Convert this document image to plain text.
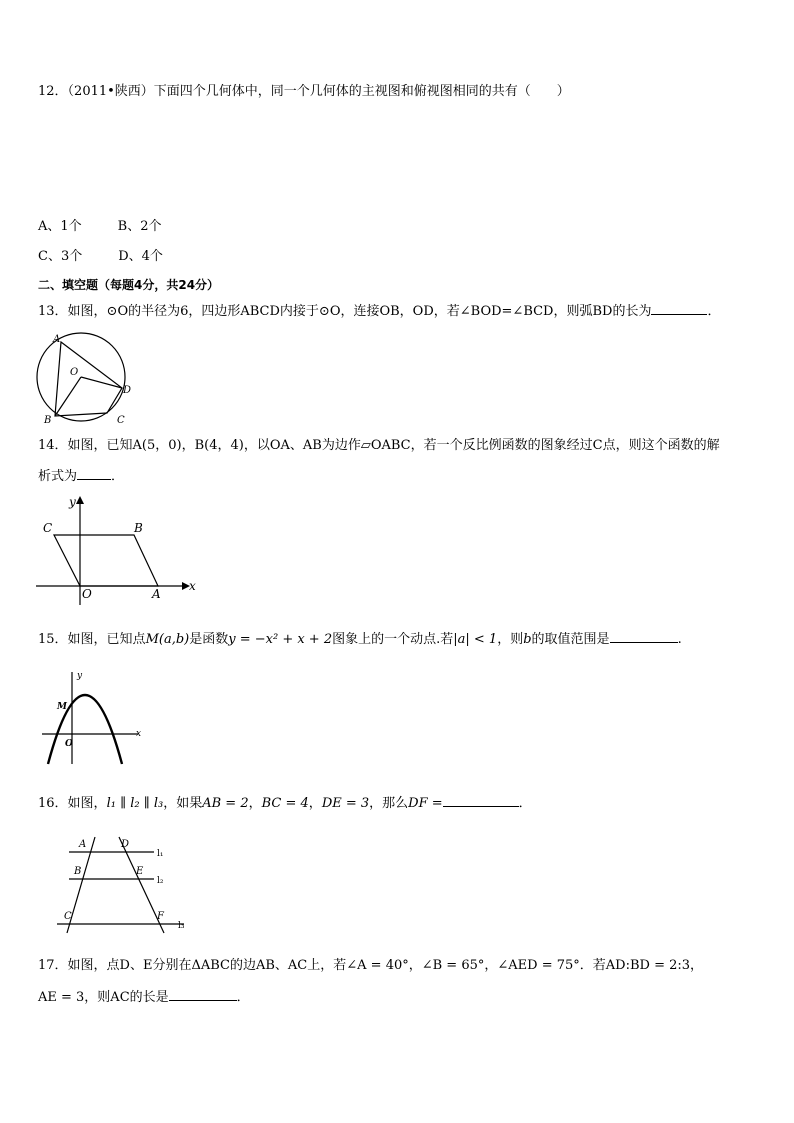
12．（2011•陕西）下面四个几何体中，同一个几何体的主视图和俯视图相同的共有（　　）
A、1个	B、2个
C、3个	D、4个
二、填空题（每题4分，共24分）
13．如图，⊙O的半径为6，四边形ABCD内接于⊙O，连接OB，OD，若∠BOD=∠BCD，则弧BD的长为	．
A
O
D
B	C
14．如图，已知A(5，0)，B(4，4)，以OA、AB为边作▱OABC，若一个反比例函数的图象经过C点，则这个函数的解
析式为	．
y
x
C	B
O	A
15．如图，已知点M(a,b)是函数y = −x² + x + 2图象上的一个动点.若|a| < 1，则b的取值范围是	.
y
M
O
x
16．如图，l₁ ∥ l₂ ∥ l₃，如果AB = 2，BC = 4，DE = 3，那么DF =	．
A	D
l₁
B	E
l₂
C	F
l₃
17．如图，点D、E分别在ΔABC的边AB、AC上，若∠A = 40°，∠B = 65°，∠AED = 75°．若AD:BD = 2:3，
AE = 3，则AC的长是	．
